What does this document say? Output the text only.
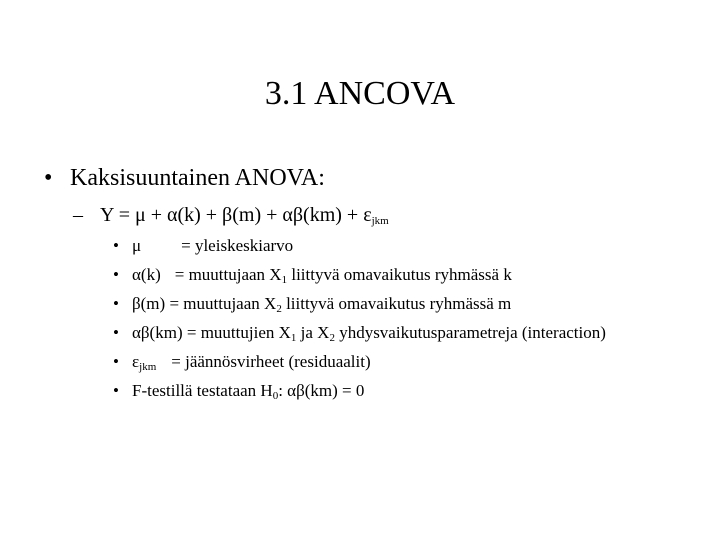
3.1 ANCOVA
• Kaksisuuntainen ANOVA:
– $Y = \mu + \alpha(k) + \beta(m) + \alpha\beta(km) + \varepsilon_{jkm}$
• μ = yleiskeskiarvo
• α(k) = muuttujaan $X_1$ liittyvä omavaikutus ryhmässä k
• β(m) = muuttujaan $X_2$ liittyvä omavaikutus ryhmässä m
• αβ(km) = muuttujien $X_1$ ja $X_2$ yhdysvaikutusparametreja (interaction)
• $\varepsilon_{jkm}$ = jäännösvirheet (residuaalit)
• F-testillä testataan $H_0$: αβ(km) = 0
